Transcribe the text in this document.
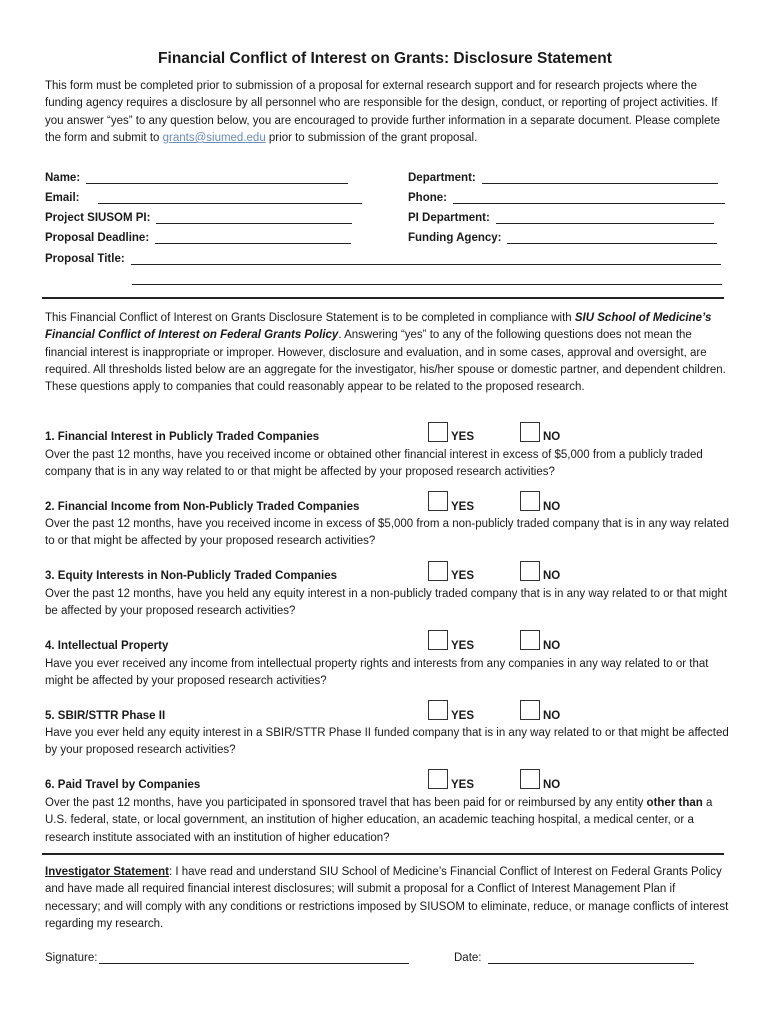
Financial Conflict of Interest on Grants: Disclosure Statement
This form must be completed prior to submission of a proposal for external research support and for research projects where the funding agency requires a disclosure by all personnel who are responsible for the design, conduct, or reporting of project activities. If you answer “yes” to any question below, you are encouraged to provide further information in a separate document. Please complete the form and submit to grants@siumed.edu prior to submission of the grant proposal.
Name:	Department:
Email:	Phone:
Project SIUSOM PI:	PI Department:
Proposal Deadline:	Funding Agency:
Proposal Title:
This Financial Conflict of Interest on Grants Disclosure Statement is to be completed in compliance with SIU School of Medicine’s Financial Conflict of Interest on Federal Grants Policy. Answering “yes” to any of the following questions does not mean the financial interest is inappropriate or improper. However, disclosure and evaluation, and in some cases, approval and oversight, are required. All thresholds listed below are an aggregate for the investigator, his/her spouse or domestic partner, and dependent children. These questions apply to companies that could reasonably appear to be related to the proposed research.
1. Financial Interest in Publicly Traded Companies	YES	NO
Over the past 12 months, have you received income or obtained other financial interest in excess of $5,000 from a publicly traded company that is in any way related to or that might be affected by your proposed research activities?
2. Financial Income from Non-Publicly Traded Companies	YES	NO
Over the past 12 months, have you received income in excess of $5,000 from a non-publicly traded company that is in any way related to or that might be affected by your proposed research activities?
3. Equity Interests in Non-Publicly Traded Companies	YES	NO
Over the past 12 months, have you held any equity interest in a non-publicly traded company that is in any way related to or that might be affected by your proposed research activities?
4. Intellectual Property	YES	NO
Have you ever received any income from intellectual property rights and interests from any companies in any way related to or that might be affected by your proposed research activities?
5. SBIR/STTR Phase II	YES	NO
Have you ever held any equity interest in a SBIR/STTR Phase II funded company that is in any way related to or that might be affected by your proposed research activities?
6. Paid Travel by Companies	YES	NO
Over the past 12 months, have you participated in sponsored travel that has been paid for or reimbursed by any entity other than a U.S. federal, state, or local government, an institution of higher education, an academic teaching hospital, a medical center, or a research institute associated with an institution of higher education?
Investigator Statement: I have read and understand SIU School of Medicine’s Financial Conflict of Interest on Federal Grants Policy and have made all required financial interest disclosures; will submit a proposal for a Conflict of Interest Management Plan if necessary; and will comply with any conditions or restrictions imposed by SIUSOM to eliminate, reduce, or manage conflicts of interest regarding my research.
Signature:	Date:
